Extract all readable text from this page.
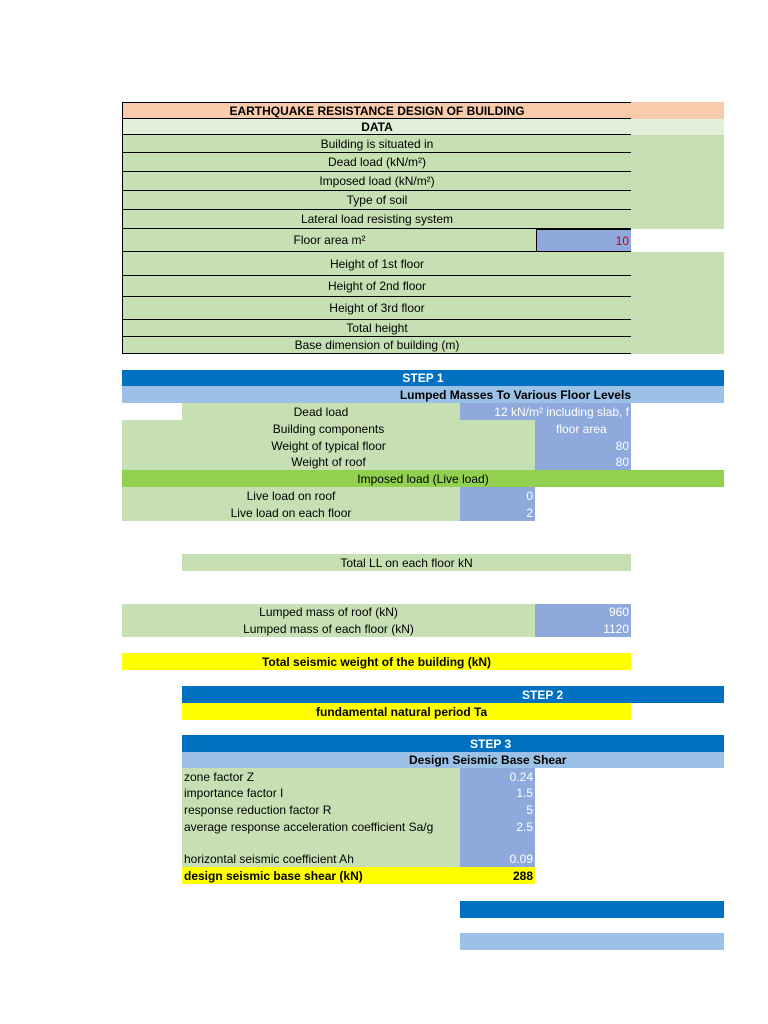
EARTHQUAKE RESISTANCE DESIGN OF BUILDING
DATA
Building is situated in
Dead load (kN/m²)
Imposed load (kN/m²)
Type of soil
Lateral load resisting system
Floor area m²	10
Height of 1st floor
Height of 2nd floor
Height of 3rd floor
Total height
Base dimension of building (m)
STEP 1
Lumped Masses To Various Floor Levels
Dead load	12 kN/m² including slab, f
Building components	floor area
Weight of typical floor	80
Weight of roof	80
Imposed load (Live load)
Live load on roof	0
Live load on each floor	2
Total LL on each floor kN
Lumped mass of roof (kN)	960
Lumped mass of each floor (kN)	1120
Total seismic weight of the building (kN)
STEP 2
fundamental natural period Ta
STEP 3
Design Seismic Base Shear
zone factor Z	0.24
importance factor I	1.5
response reduction factor R	5
average response acceleration coefficient Sa/g	2.5
horizontal seismic coefficient Ah	0.09
design seismic base shear (kN)	288
